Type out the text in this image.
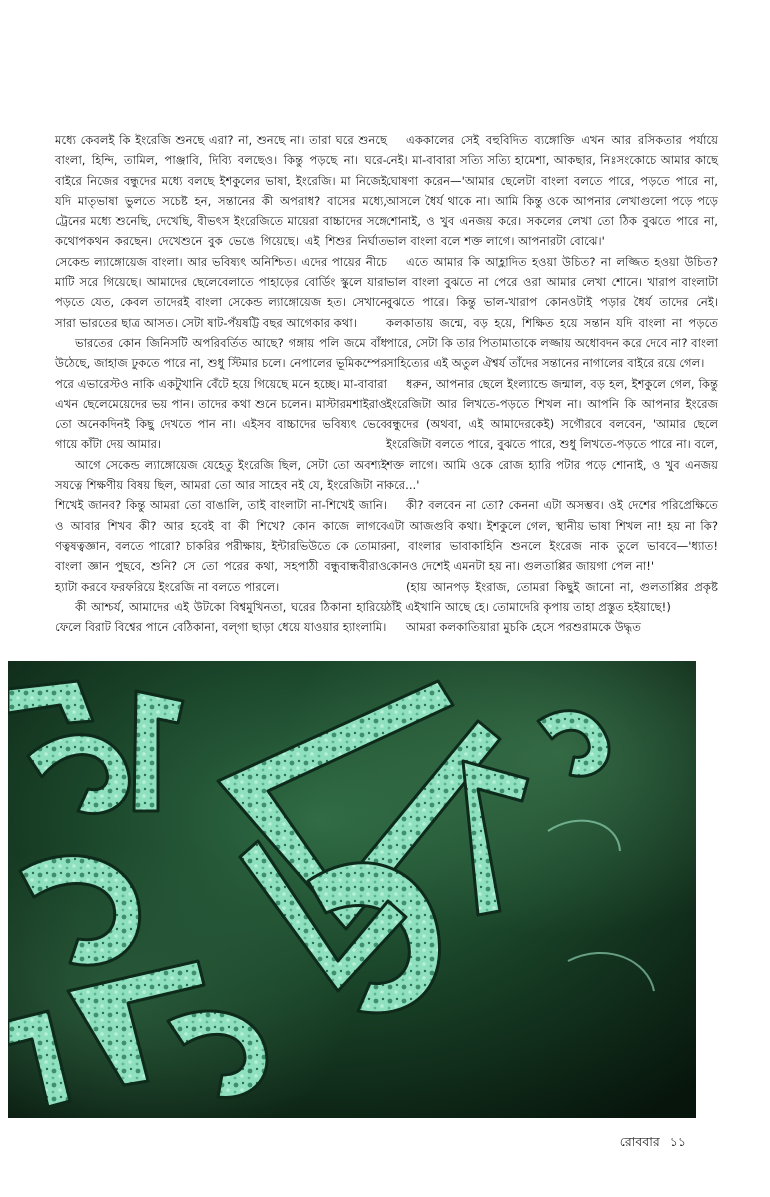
মধ্যে কেবলই কি ইংরেজি শুনছে এরা? না, শুনছে না। তারা ঘরে শুনছে বাংলা, হিন্দি, তামিল, পাঞ্জাবি, দিব্যি বলছেও। কিন্তু পড়ছে না। ঘরে-বাইরে নিজের বন্ধুদের মধ্যে বলছে ইশকুলের ভাষা, ইংরেজি। মা নিজেই যদি মাতৃভাষা ভুলতে সচেষ্ট হন, সন্তানের কী অপরাধ? বাসের মধ্যে, ট্রেনের মধ্যে শুনেছি, দেখেছি, বীভৎস ইংরেজিতে মায়েরা বাচ্চাদের সঙ্গে কথোপকথন করছেন। দেখেশুনে বুক ভেঙে গিয়েছে। এই শিশুর নির্ঘাত সেকেন্ড ল্যাঙ্গোয়েজ বাংলা। আর ভবিষ্যৎ অনিশ্চিত। এদের পায়ের নীচে মাটি সরে গিয়েছে। আমাদের ছেলেবেলাতে পাহাড়ের বোর্ডিং স্কুলে যারা পড়তে যেত, কেবল তাদেরই বাংলা সেকেন্ড ল্যাঙ্গোয়েজ হত। সেখানে সারা ভারতের ছাত্র আসত। সেটা ষাট-পঁয়ষট্টি বছর আগেকার কথা।

ভারতের কোন জিনিসটি অপরিবর্তিত আছে? গঙ্গায় পলি জমে বাঁধ উঠেছে, জাহাজ ঢুকতে পারে না, শুধু স্টিমার চলে। নেপালের ভূমিকম্পের পরে এভারেস্টও নাকি একটুখানি বেঁটে হয়ে গিয়েছে মনে হচ্ছে। মা-বাবারা এখন ছেলেমেয়েদের ভয় পান। তাদের কথা শুনে চলেন। মাস্টারমশাইরাও তো অনেকদিনই কিছু দেখতে পান না। এইসব বাচ্চাদের ভবিষ্যৎ ভেবে গায়ে কাঁটা দেয় আমার।

আগে সেকেন্ড ল্যাঙ্গোয়েজ যেহেতু ইংরেজি ছিল, সেটা তো অবশ্যই সযত্নে শিক্ষণীয় বিষয় ছিল, আমরা তো আর সাহেব নই যে, ইংরেজিটা না শিখেই জানব? কিন্তু আমরা তো বাঙালি, তাই বাংলাটা না-শিখেই জানি। ও আবার শিখব কী? আর হবেই বা কী শিখে? কোন কাজে লাগবে ণত্বষত্বজ্ঞান, বলতে পারো? চাকরির পরীক্ষায়, ইন্টারভিউতে কে তোমার বাংলা জ্ঞান পুছবে, শুনি? সে তো পরের কথা, সহপাঠী বন্ধুবান্ধবীরাও হ্যাটা করবে ফরফরিয়ে ইংরেজি না বলতে পারলে।

কী আশ্চর্য, আমাদের এই উটকো বিশ্বমুখিনতা, ঘরের ঠিকানা হারিয়ে ফেলে বিরাট বিশ্বের পানে বেঠিকানা, বল্‌গা ছাড়া ধেয়ে যাওয়ার হ্যাংলামি।

এককালের সেই বহুবিদিত ব্যঙ্গোক্তি এখন আর রসিকতার পর্যায়ে নেই। মা-বাবারা সত্যি সত্যি হামেশা, আকছার, নিঃসংকোচে আমার কাছে ঘোষণা করেন—'আমার ছেলেটা বাংলা বলতে পারে, পড়তে পারে না, আসলে ধৈর্য থাকে না। আমি কিন্তু ওকে আপনার লেখাগুলো পড়ে পড়ে শোনাই, ও খুব এনজয় করে। সকলের লেখা তো ঠিক বুঝতে পারে না, ভাল বাংলা বলে শক্ত লাগে। আপনারটা বোঝে।'

এতে আমার কি আহ্লাদিত হওয়া উচিত? না লজ্জিত হওয়া উচিত? ভাল বাংলা বুঝতে না পেরে ওরা আমার লেখা শোনে। খারাপ বাংলাটা বুঝতে পারে। কিন্তু ভাল-খারাপ কোনওটাই পড়ার ধৈর্য তাদের নেই। কলকাতায় জন্মে, বড় হয়ে, শিক্ষিত হয়ে সন্তান যদি বাংলা না পড়তে পারে, সেটা কি তার পিতামাতাকে লজ্জায় অধোবদন করে দেবে না? বাংলা সাহিত্যের এই অতুল ঐশ্বর্য তাঁদের সন্তানের নাগালের বাইরে রয়ে গেল।

ধরুন, আপনার ছেলে ইংল্যান্ডে জন্মাল, বড় হল, ইশকুলে গেল, কিন্তু ইংরেজিটা আর লিখতে-পড়তে শিখল না। আপনি কি আপনার ইংরেজ বন্ধুদের (অথবা, এই আমাদেরকেই) সগৌরবে বলবেন, 'আমার ছেলে ইংরেজিটা বলতে পারে, বুঝতে পারে, শুধু লিখতে-পড়তে পারে না। বলে, শক্ত লাগে। আমি ওকে রোজ হ্যারি পটার পড়ে শোনাই, ও খুব এনজয় করে...'

কী? বলবেন না তো? কেননা এটা অসম্ভব। ওই দেশের পরিপ্রেক্ষিতে এটা আজগুবি কথা। ইশকুলে গেল, স্থানীয় ভাষা শিখল না! হয় না কি? না, বাংলার ভাবাকাহিনি শুনলে ইংরেজ নাক তুলে ভাববে—'ধ্যাত! কোনও দেশেই এমনটা হয় না। গুলতাপ্পির জায়গা পেল না!'

(হায় আনপড় ইংরাজ, তোমরা কিছুই জানো না, গুলতাপ্পির প্রকৃষ্ট ঠাঁই এইখানি আছে হে। তোমাদেরি কৃপায় তাহা প্রস্তুত হইয়াছে!)

আমরা কলকাতিয়ারা মুচকি হেসে পরশুরামকে উদ্ধৃত

রোববার ১১
